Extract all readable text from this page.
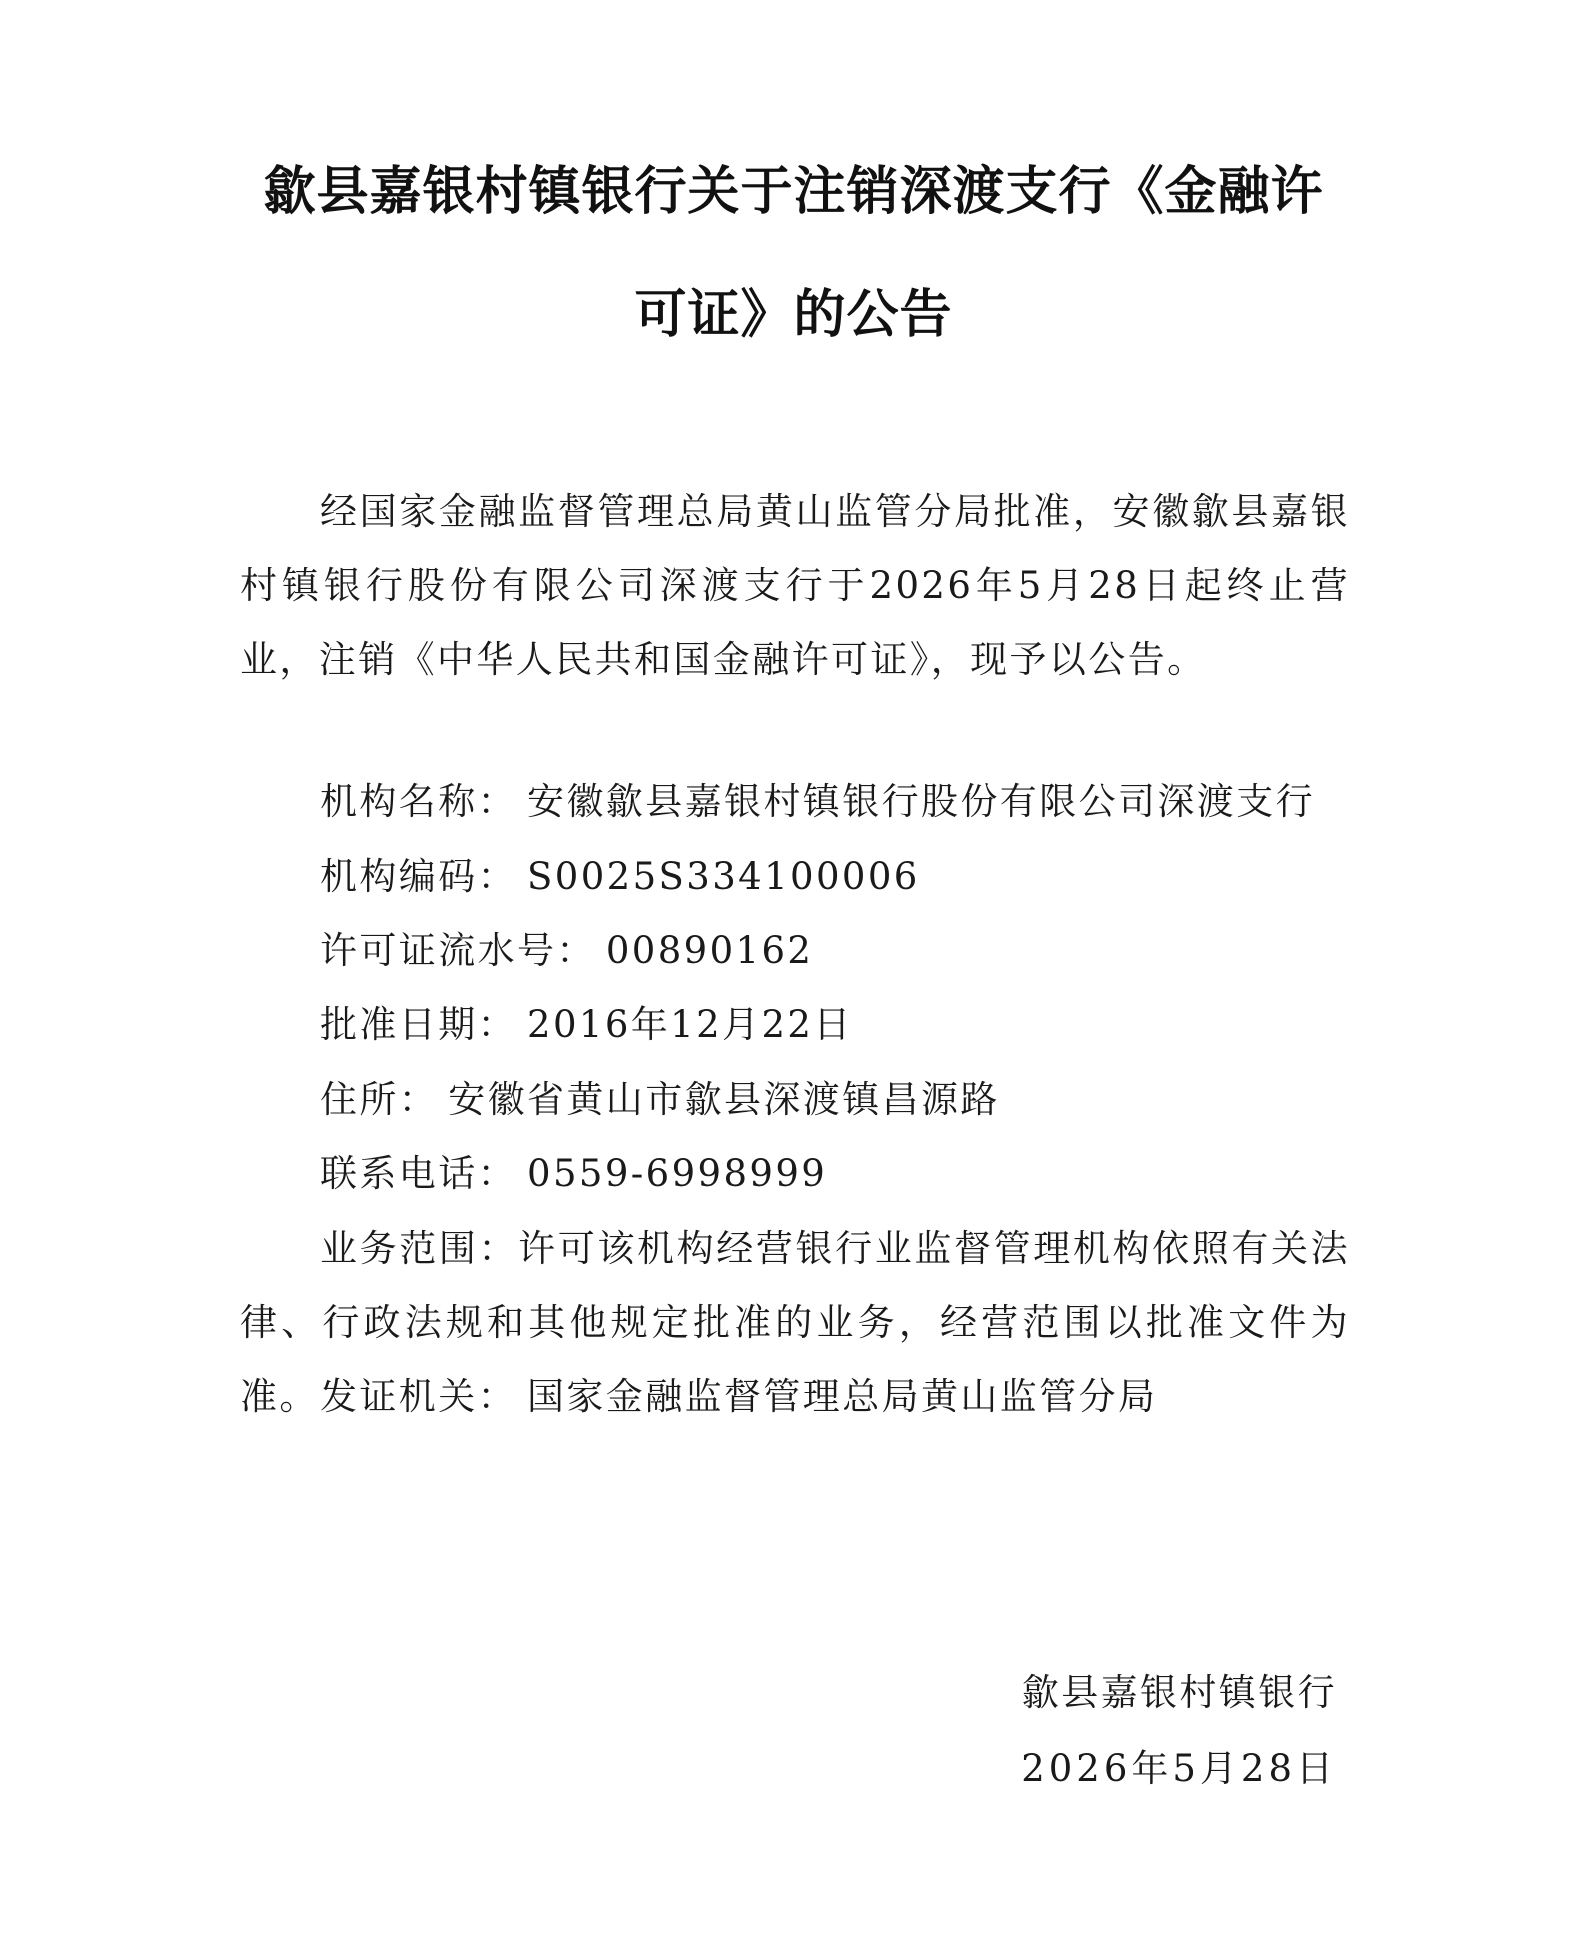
歙县嘉银村镇银行关于注销深渡支行《金融许
可证》的公告

经国家金融监督管理总局黄山监管分局批准，安徽歙县嘉银村镇银行股份有限公司深渡支行于2026年5月28日起终止营业，注销《中华人民共和国金融许可证》，现予以公告。

机构名称： 安徽歙县嘉银村镇银行股份有限公司深渡支行
机构编码： S0025S334100006
许可证流水号： 00890162
批准日期： 2016年12月22日
住所： 安徽省黄山市歙县深渡镇昌源路
联系电话： 0559-6998999

业务范围：许可该机构经营银行业监督管理机构依照有关法律、行政法规和其他规定批准的业务，经营范围以批准文件为准。 发证机关： 国家金融监督管理总局黄山监管分局
歙县嘉银村镇银行
2026年5月28日
